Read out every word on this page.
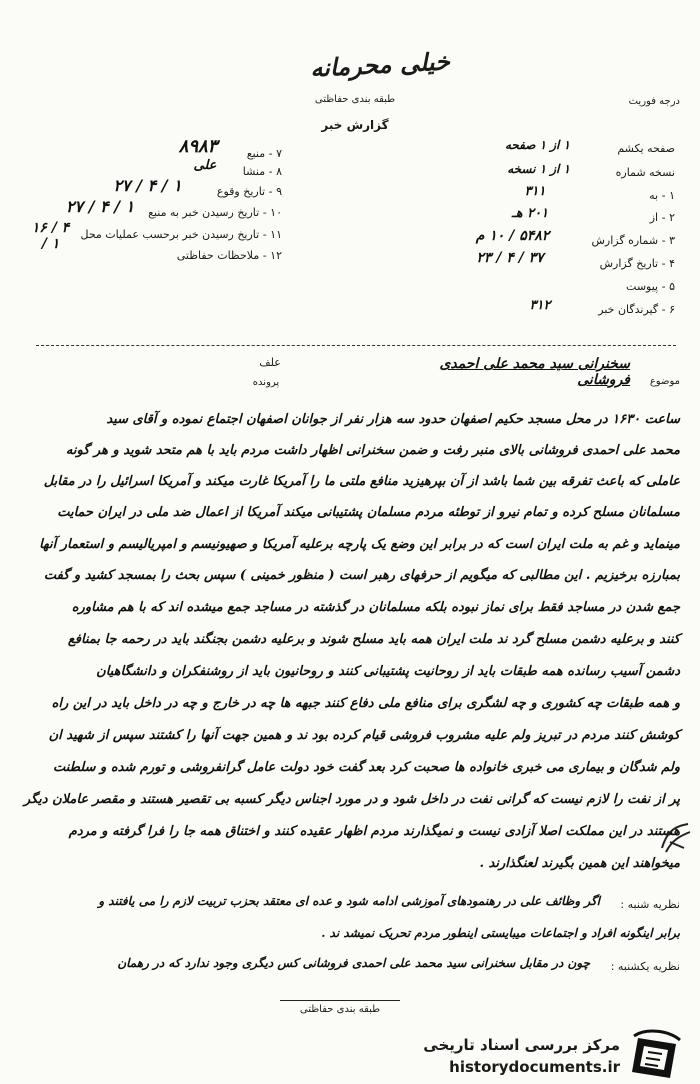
خیلی محرمانه
طبقه بندی حفاظتی
گزارش خبر
درجه فوریت
صفحه یکشم
۱ از ۱ صفحه
نسخه شماره
۱ از ۱ نسخه
۱ - به
۳۱۱
۲ - از
۲۰۱ هـ
۳ - شماره گزارش
۵۴۸۲ / ۱۰ م
۴ - تاریخ گزارش
۲۳ / ۴ / ۳۷
۵ - پیوست
۶ - گیرندگان خبر
۳۱۲
۷ - منبع
۸۹۸۳
۸ - منشا
علی
۹ - تاریخ وقوع
۲۷ / ۴ / ۱
۱۰ - تاریخ رسیدن خبر به منبع
۲۷ / ۴ / ۱
۱۱ - تاریخ رسیدن خبر برحسب عملیات محل
۱۶ / ۴ / ۱
۱۲ - ملاحظات حفاظتی
موضوع
سخنرانی سید محمد علی احمدی فروشانی
علف
پرونده
ساعت ۱۶۳۰ در محل مسجد حکیم اصفهان حدود سه هزار نفر از جوانان اصفهان اجتماع نموده و آقای سید
محمد علی احمدی فروشانی بالای منبر رفت و ضمن سخنرانی اظهار داشت مردم باید با هم متحد شوید و هر گونه
عاملی که باعث تفرقه بین شما باشد از آن بپرهیزید منافع ملتی ما را آمریکا غارت میکند و آمریکا اسرائیل را در مقابل
مسلمانان مسلح کرده و تمام نیرو از توطئه مردم مسلمان پشتیبانی میکند آمریکا از اعمال ضد ملی در ایران حمایت
مینماید و غم به ملت ایران است که در برابر این وضع یک پارچه برعلیه آمریکا و صهیونیسم و امپریالیسم و استعمار آنها
بمبارزه برخیزیم . این مطالبی که میگویم از حرفهای رهبر است ( منظور خمینی ) سپس بحث را بمسجد کشید و گفت
جمع شدن در مساجد فقط برای نماز نبوده بلکه مسلمانان در گذشته در مساجد جمع میشده اند که با هم مشاوره
کنند و برعلیه دشمن مسلح گرد ند ملت ایران همه باید مسلح شوند و برعلیه دشمن بجنگند باید در رحمه جا بمنافع
دشمن آسیب رسانده همه طبقات باید از روحانیت پشتیبانی کنند و روحانیون باید از روشنفکران و دانشگاهیان
و همه طبقات چه کشوری و چه لشگری برای منافع ملی دفاع کنند جبهه ها چه در خارج و چه در داخل باید در این راه
کوشش کنند مردم در تبریز ولم علیه مشروب فروشی قیام کرده بود ند و همین جهت آنها را کشتند سپس از شهید ان
ولم شدگان و بیماری می خبری خانواده ها صحبت کرد بعد گفت خود دولت عامل گرانفروشی و تورم شده و سلطنت
پر از نفت را لازم نیست که گرانی نفت در داخل شود و در مورد اجناس دیگر کسبه بی تقصیر هستند و مقصر عاملان دیگر
هستند در این مملکت اصلا آزادی نیست و نمیگذارند مردم اظهار عقیده کنند و اختناق همه جا را فرا گرفته و مردم
میخواهند این همین بگیرند لعنگذارند .
نظریه شنبه :
اگر وظائف علی در رهنمودهای آموزشی ادامه شود و عده ای معتقد بحزب تربیت لازم را می یافتند و
برابر اینگونه افراد و اجتماعات میبایستی اینطور مردم تحریک نمیشد ند .
نظریه یکشنبه :
چون در مقابل سخنرانی سید محمد علی احمدی فروشانی کس دیگری وجود ندارد که در رهمان
طبقه بندی حفاظتی
مرکز بررسی اسناد تاریخی
historydocuments.ir
